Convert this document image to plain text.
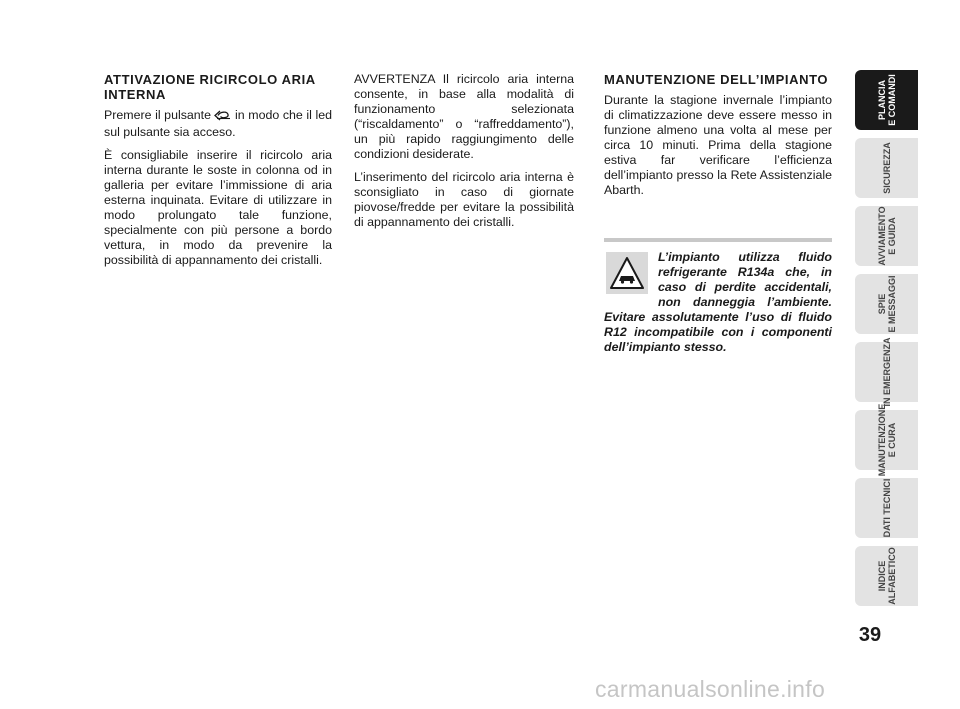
ATTIVAZIONE RICIRCOLO ARIA INTERNA

Premere il pulsante in modo che il led sul pulsante sia acceso.

È consigliabile inserire il ricircolo aria interna durante le soste in colonna od in galleria per evitare l’immissione di aria esterna inquinata. Evitare di utilizzare in modo prolungato tale funzione, specialmente con più persone a bordo vettura, in modo da prevenire la possibilità di appannamento dei cristalli.

AVVERTENZA Il ricircolo aria interna consente, in base alla modalità di funzionamento selezionata (“riscaldamento” o “raffreddamento”), un più rapido raggiungimento delle condizioni desiderate.

L’inserimento del ricircolo aria interna è sconsigliato in caso di giornate piovose/fredde per evitare la possibilità di appannamento dei cristalli.

MANUTENZIONE DELL’IMPIANTO

Durante la stagione invernale l’impianto di climatizzazione deve essere messo in funzione almeno una volta al mese per circa 10 minuti. Prima della stagione estiva far verificare l’efficienza dell’impianto presso la Rete Assistenziale Abarth.

L’impianto utilizza fluido refrigerante R134a che, in caso di perdite accidentali, non danneggia l’ambiente. Evitare assolutamente l’uso di fluido R12 incompatibile con i componenti dell’impianto stesso.

PLANCIA
E COMANDI
SICUREZZA
AVVIAMENTO
E GUIDA
SPIE
E MESSAGGI
IN EMERGENZA
MANUTENZIONE
E CURA
DATI TECNICI
INDICE
ALFABETICO
39
carmanualsonline.info
